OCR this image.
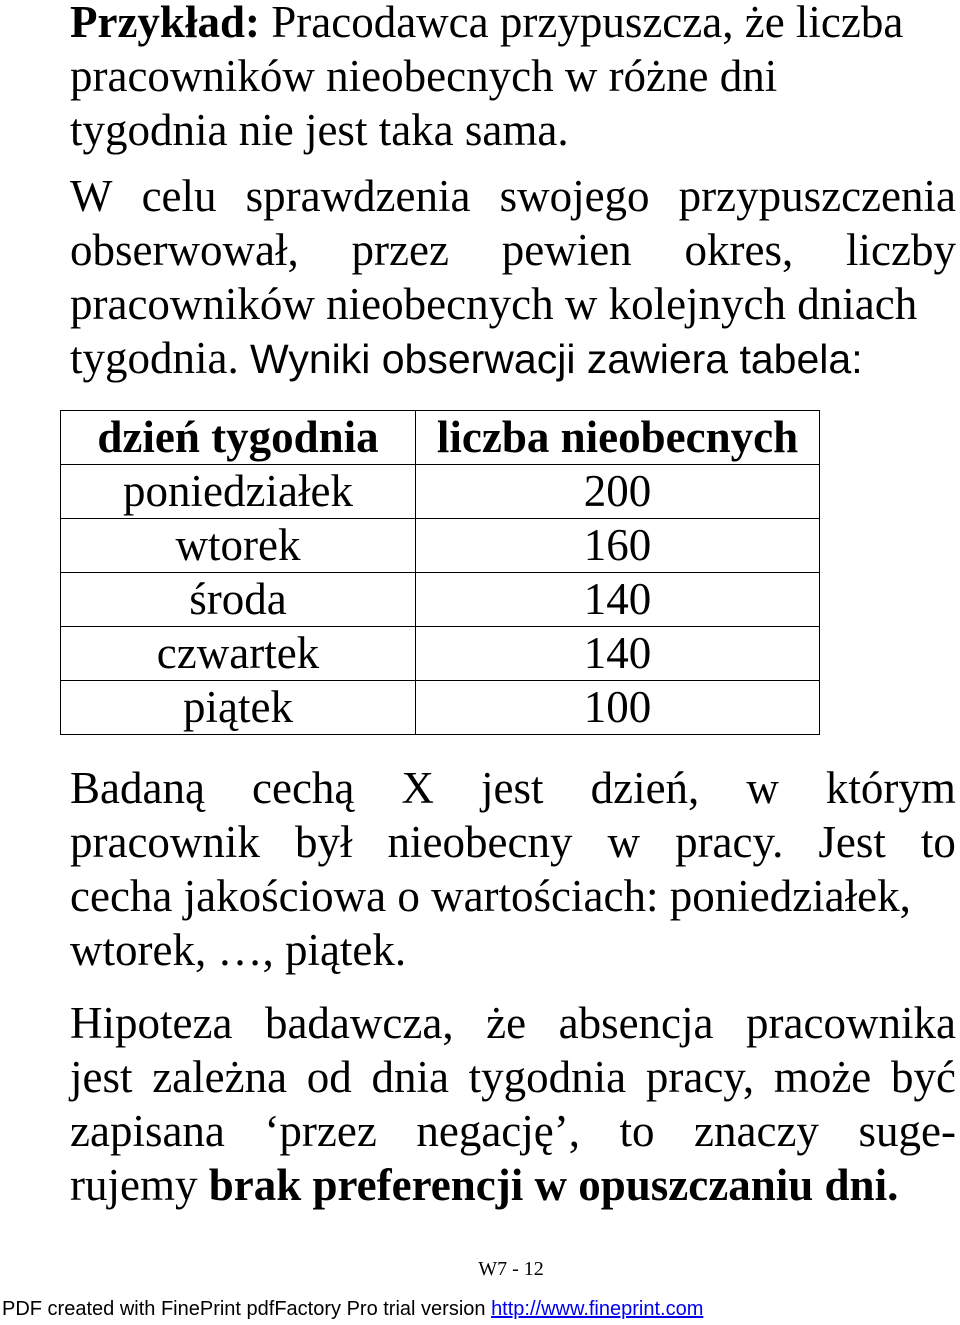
Przykład: Pracodawca przypuszcza, że liczba
pracowników nieobecnych w różne dni
tygodnia nie jest taka sama.
W celu sprawdzenia swojego przypuszczenia
obserwował, przez pewien okres, liczby
pracowników nieobecnych w kolejnych dniach
tygodnia. Wyniki obserwacji zawiera tabela:
dzień tygodnia	liczba nieobecnych
poniedziałek	200
wtorek	160
środa	140
czwartek	140
piątek	100
Badaną cechą X jest dzień, w którym
pracownik był nieobecny w pracy. Jest to
cecha jakościowa o wartościach: poniedziałek,
wtorek, …, piątek.
Hipoteza badawcza, że absencja pracownika
jest zależna od dnia tygodnia pracy, może być
zapisana ‘przez negację’, to znaczy suge-
rujemy brak preferencji w opuszczaniu dni.
W7 - 12
PDF created with FinePrint pdfFactory Pro trial version http://www.fineprint.com
